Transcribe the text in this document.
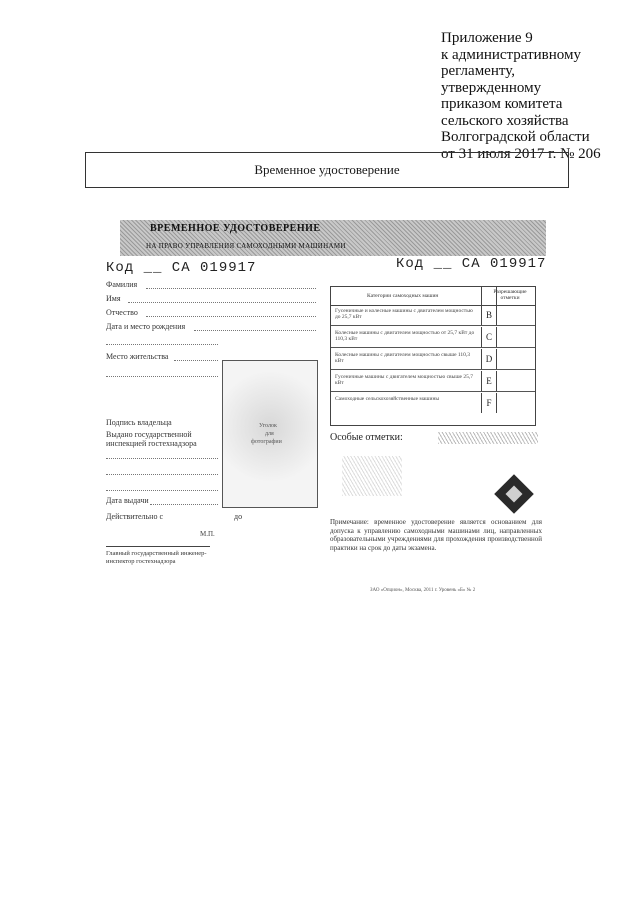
Приложение 9
к административному
регламенту,
утвержденному
приказом комитета
сельского хозяйства
Волгоградской области
от 31 июля 2017 г. № 206
Временное удостоверение
ВРЕМЕННОЕ УДОСТОВЕРЕНИЕ
НА ПРАВО УПРАВЛЕНИЯ САМОХОДНЫМИ МАШИНАМИ
Код __ СА 019917	Код __ СА 019917
Фамилия
Имя
Отчество
Дата и место рождения
Место жительства
Подпись владельца
Выдано государственной
инспекцией гостехнадзора
Дата выдачи
Действительно с	до
М.П.
Уголок
для
фотографии
Категории самоходных машин
Разрешающие отметки
Гусеничные и колесные машины с двигателем мощностью до 25,7 кВт	B
Колесные машины с двигателем мощностью от 25,7 кВт до 110,3 кВт	C
Колесные машины с двигателем мощностью свыше 110,3 кВт	D
Гусеничные машины с двигателем мощностью свыше 25,7 кВт	E
Самоходные сельскохозяйственные машины	F
Особые отметки:
Примечание: временное удостоверение является основанием для допуска к управлению самоходными машинами лиц, направленных образовательными учреждениями для прохождения производственной практики на срок до даты экзамена.
ЗАО «Опцион», Москва, 2011 г. Уровень «Б» № 2
Главный государственный инженер-инспектор гостехнадзора
